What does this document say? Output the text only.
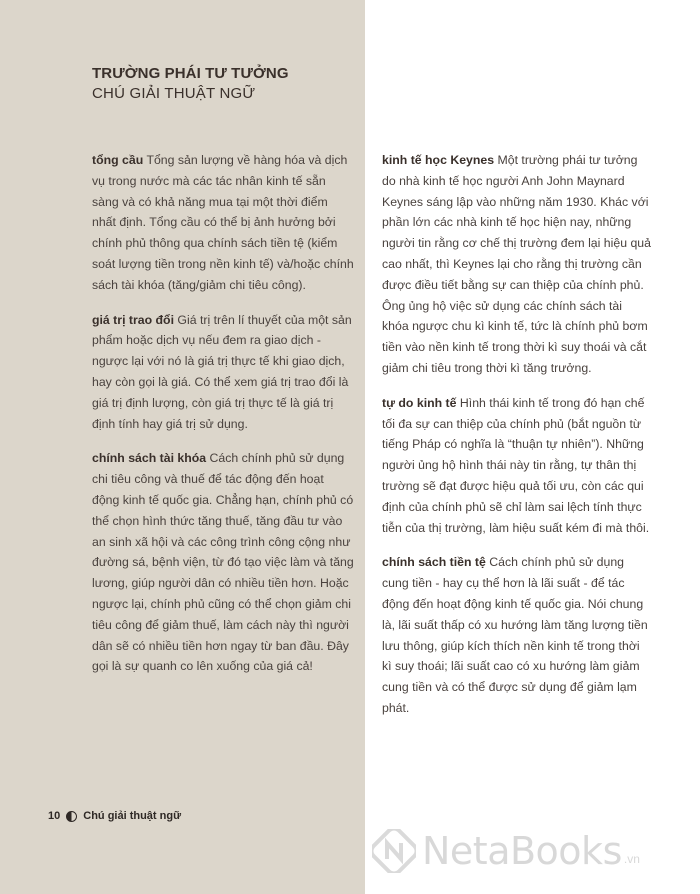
TRƯỜNG PHÁI TƯ TƯỞNG
CHÚ GIẢI THUẬT NGỮ

tổng cầu Tổng sản lượng về hàng hóa và dịch vụ trong nước mà các tác nhân kinh tế sẵn sàng và có khả năng mua tại một thời điểm nhất định. Tổng cầu có thể bị ảnh hưởng bởi chính phủ thông qua chính sách tiền tệ (kiểm soát lượng tiền trong nền kinh tế) và/hoặc chính sách tài khóa (tăng/giảm chi tiêu công).

giá trị trao đổi Giá trị trên lí thuyết của một sản phẩm hoặc dịch vụ nếu đem ra giao dịch - ngược lại với nó là giá trị thực tế khi giao dịch, hay còn gọi là giá. Có thể xem giá trị trao đổi là giá trị định lượng, còn giá trị thực tế là giá trị định tính hay giá trị sử dụng.

chính sách tài khóa Cách chính phủ sử dụng chi tiêu công và thuế để tác động đến hoạt động kinh tế quốc gia. Chẳng hạn, chính phủ có thể chọn hình thức tăng thuế, tăng đầu tư vào an sinh xã hội và các công trình công cộng như đường sá, bệnh viện, từ đó tạo việc làm và tăng lương, giúp người dân có nhiều tiền hơn. Hoặc ngược lại, chính phủ cũng có thể chọn giảm chi tiêu công để giảm thuế, làm cách này thì người dân sẽ có nhiều tiền hơn ngay từ ban đầu. Đây gọi là sự quanh co lên xuống của giá cả!

kinh tế học Keynes Một trường phái tư tưởng do nhà kinh tế học người Anh John Maynard Keynes sáng lập vào những năm 1930. Khác với phần lớn các nhà kinh tế học hiện nay, những người tin rằng cơ chế thị trường đem lại hiệu quả cao nhất, thì Keynes lại cho rằng thị trường cần được điều tiết bằng sự can thiệp của chính phủ. Ông ủng hộ việc sử dụng các chính sách tài khóa ngược chu kì kinh tế, tức là chính phủ bơm tiền vào nền kinh tế trong thời kì suy thoái và cắt giảm chi tiêu trong thời kì tăng trưởng.

tự do kinh tế Hình thái kinh tế trong đó hạn chế tối đa sự can thiệp của chính phủ (bắt nguồn từ tiếng Pháp có nghĩa là “thuận tự nhiên”). Những người ủng hộ hình thái này tin rằng, tự thân thị trường sẽ đạt được hiệu quả tối ưu, còn các qui định của chính phủ sẽ chỉ làm sai lệch tính thực tiễn của thị trường, làm hiệu suất kém đi mà thôi.

chính sách tiền tệ Cách chính phủ sử dụng cung tiền - hay cụ thể hơn là lãi suất - để tác động đến hoạt động kinh tế quốc gia. Nói chung là, lãi suất thấp có xu hướng làm tăng lượng tiền lưu thông, giúp kích thích nền kinh tế trong thời kì suy thoái; lãi suất cao có xu hướng làm giảm cung tiền và có thể được sử dụng để giảm lạm phát.

10 Chú giải thuật ngữ
NetaBooks .vn
